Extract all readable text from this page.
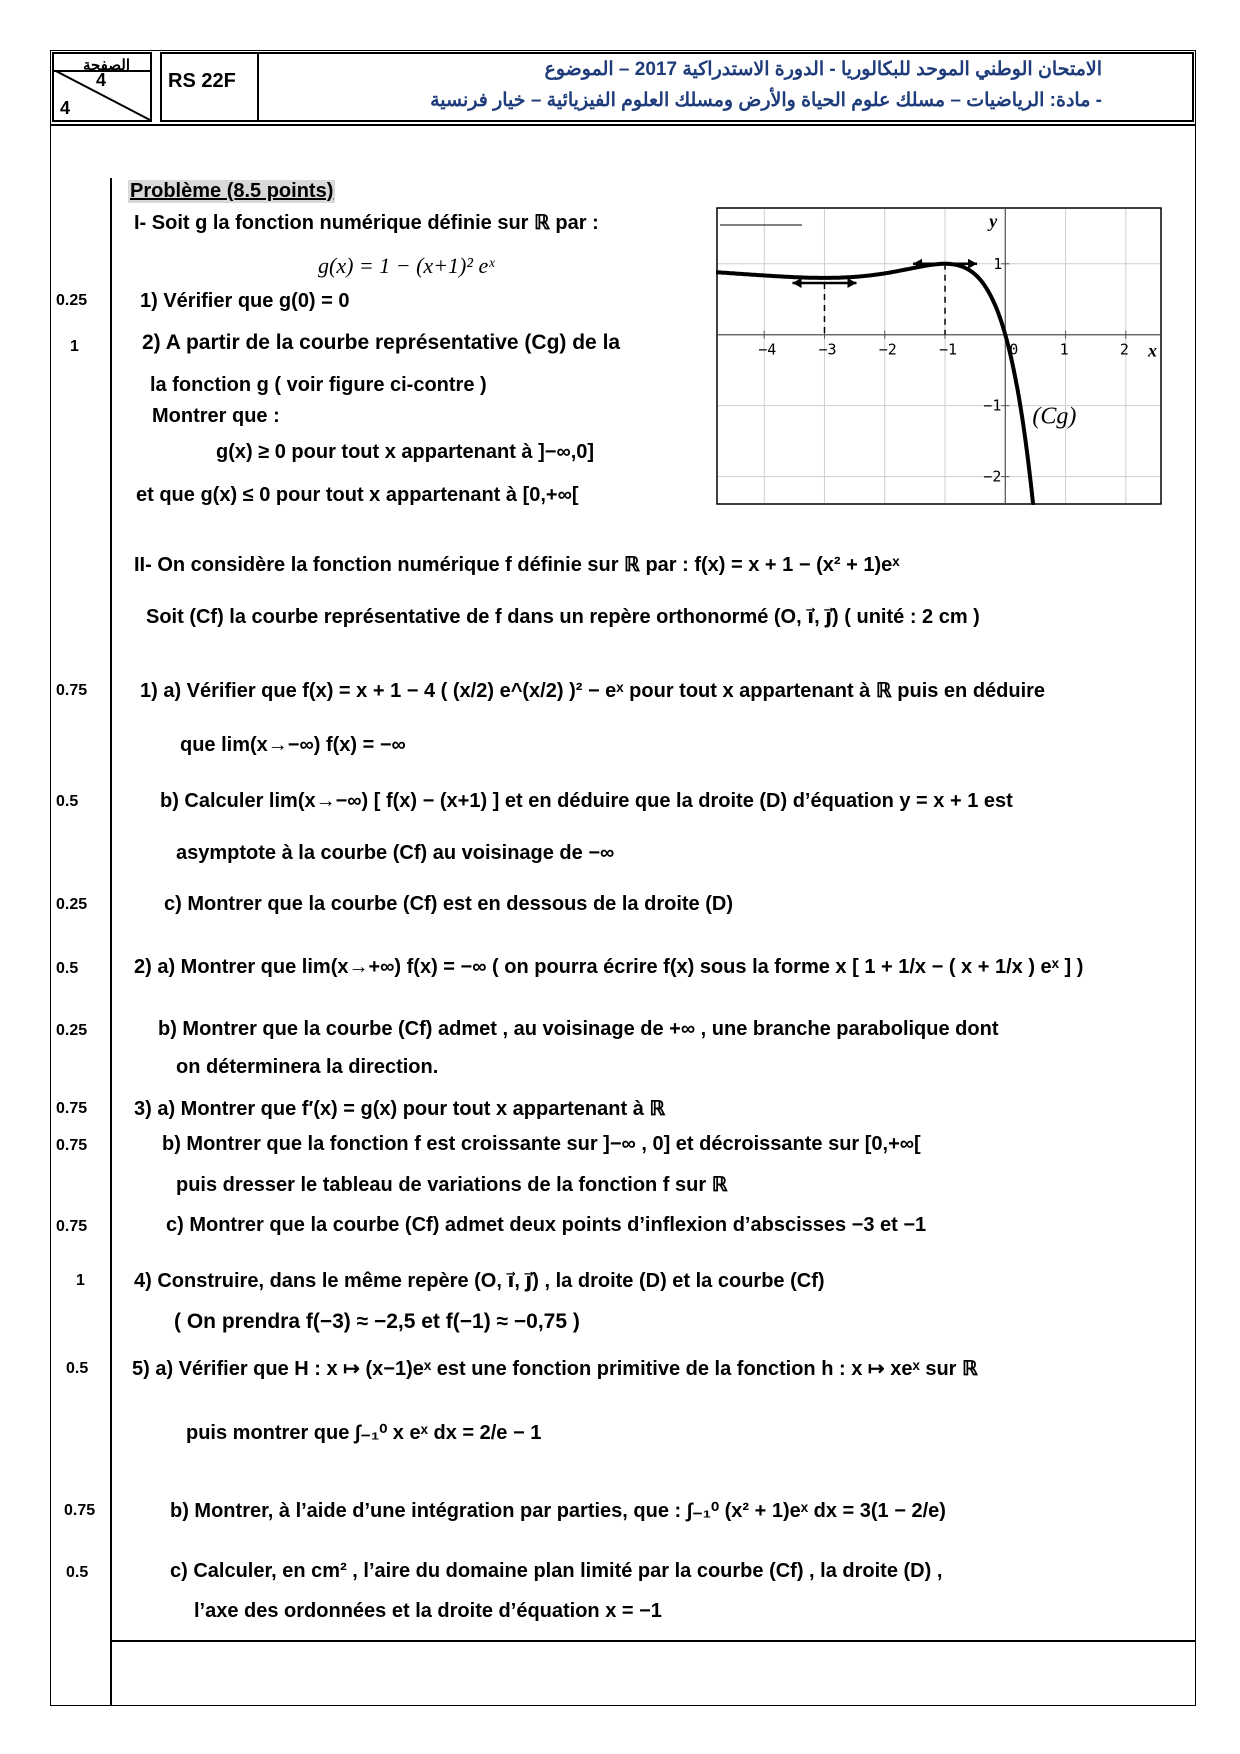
الصفحة
4
4
RS 22F
الامتحان الوطني الموحد للبكالوريا - الدورة الاستدراكية 2017 – الموضوع
- مادة: الرياضيات – مسلك علوم الحياة والأرض ومسلك العلوم الفيزيائية – خيار فرنسية
Problème (8.5 points)
I- Soit g la fonction numérique définie sur ℝ par :
g(x) = 1 − (x+1)² eˣ
0.25	1) Vérifier que g(0) = 0
1	2) A partir de la courbe représentative (Cg) de la
la fonction g ( voir figure ci-contre )
Montrer que :
g(x) ≥ 0 pour tout x appartenant à ]−∞,0]
et que g(x) ≤ 0 pour tout x appartenant à [0,+∞[
−4	−3	−2	−1	0	1	2
1
−1
−2
x
y
(Cg)
II- On considère la fonction numérique f définie sur ℝ par : f(x) = x + 1 − (x² + 1)eˣ
Soit (Cf) la courbe représentative de f dans un repère orthonormé (O, i⃗, j⃗) ( unité : 2 cm )
0.75	1) a) Vérifier que f(x) = x + 1 − 4 ( (x/2) e^(x/2) )² − eˣ pour tout x appartenant à ℝ puis en déduire
que lim(x→−∞) f(x) = −∞
0.5	b) Calculer lim(x→−∞) [ f(x) − (x+1) ] et en déduire que la droite (D) d’équation y = x + 1 est
asymptote à la courbe (Cf) au voisinage de −∞
0.25	c) Montrer que la courbe (Cf) est en dessous de la droite (D)
0.5	2) a) Montrer que lim(x→+∞) f(x) = −∞ ( on pourra écrire f(x) sous la forme x [ 1 + 1/x − ( x + 1/x ) eˣ ] )
0.25	b) Montrer que la courbe (Cf) admet , au voisinage de +∞ , une branche parabolique dont
on déterminera la direction.
0.75 3) a) Montrer que f′(x) = g(x) pour tout x appartenant à ℝ
0.75	b) Montrer que la fonction f est croissante sur ]−∞ , 0] et décroissante sur [0,+∞[
puis dresser le tableau de variations de la fonction f sur ℝ
0.75	c) Montrer que la courbe (Cf) admet deux points d’inflexion d’abscisses −3 et −1
1 4) Construire, dans le même repère (O, i⃗, j⃗) , la droite (D) et la courbe (Cf)
( On prendra f(−3) ≈ −2,5 et f(−1) ≈ −0,75 )
0.5 5) a) Vérifier que H : x ↦ (x−1)eˣ est une fonction primitive de la fonction h : x ↦ xeˣ sur ℝ
puis montrer que ∫₋₁⁰ x eˣ dx = 2/e − 1
0.75	b) Montrer, à l’aide d’une intégration par parties, que : ∫₋₁⁰ (x² + 1)eˣ dx = 3(1 − 2/e)
0.5	c) Calculer, en cm² , l’aire du domaine plan limité par la courbe (Cf) , la droite (D) ,
l’axe des ordonnées et la droite d’équation x = −1
